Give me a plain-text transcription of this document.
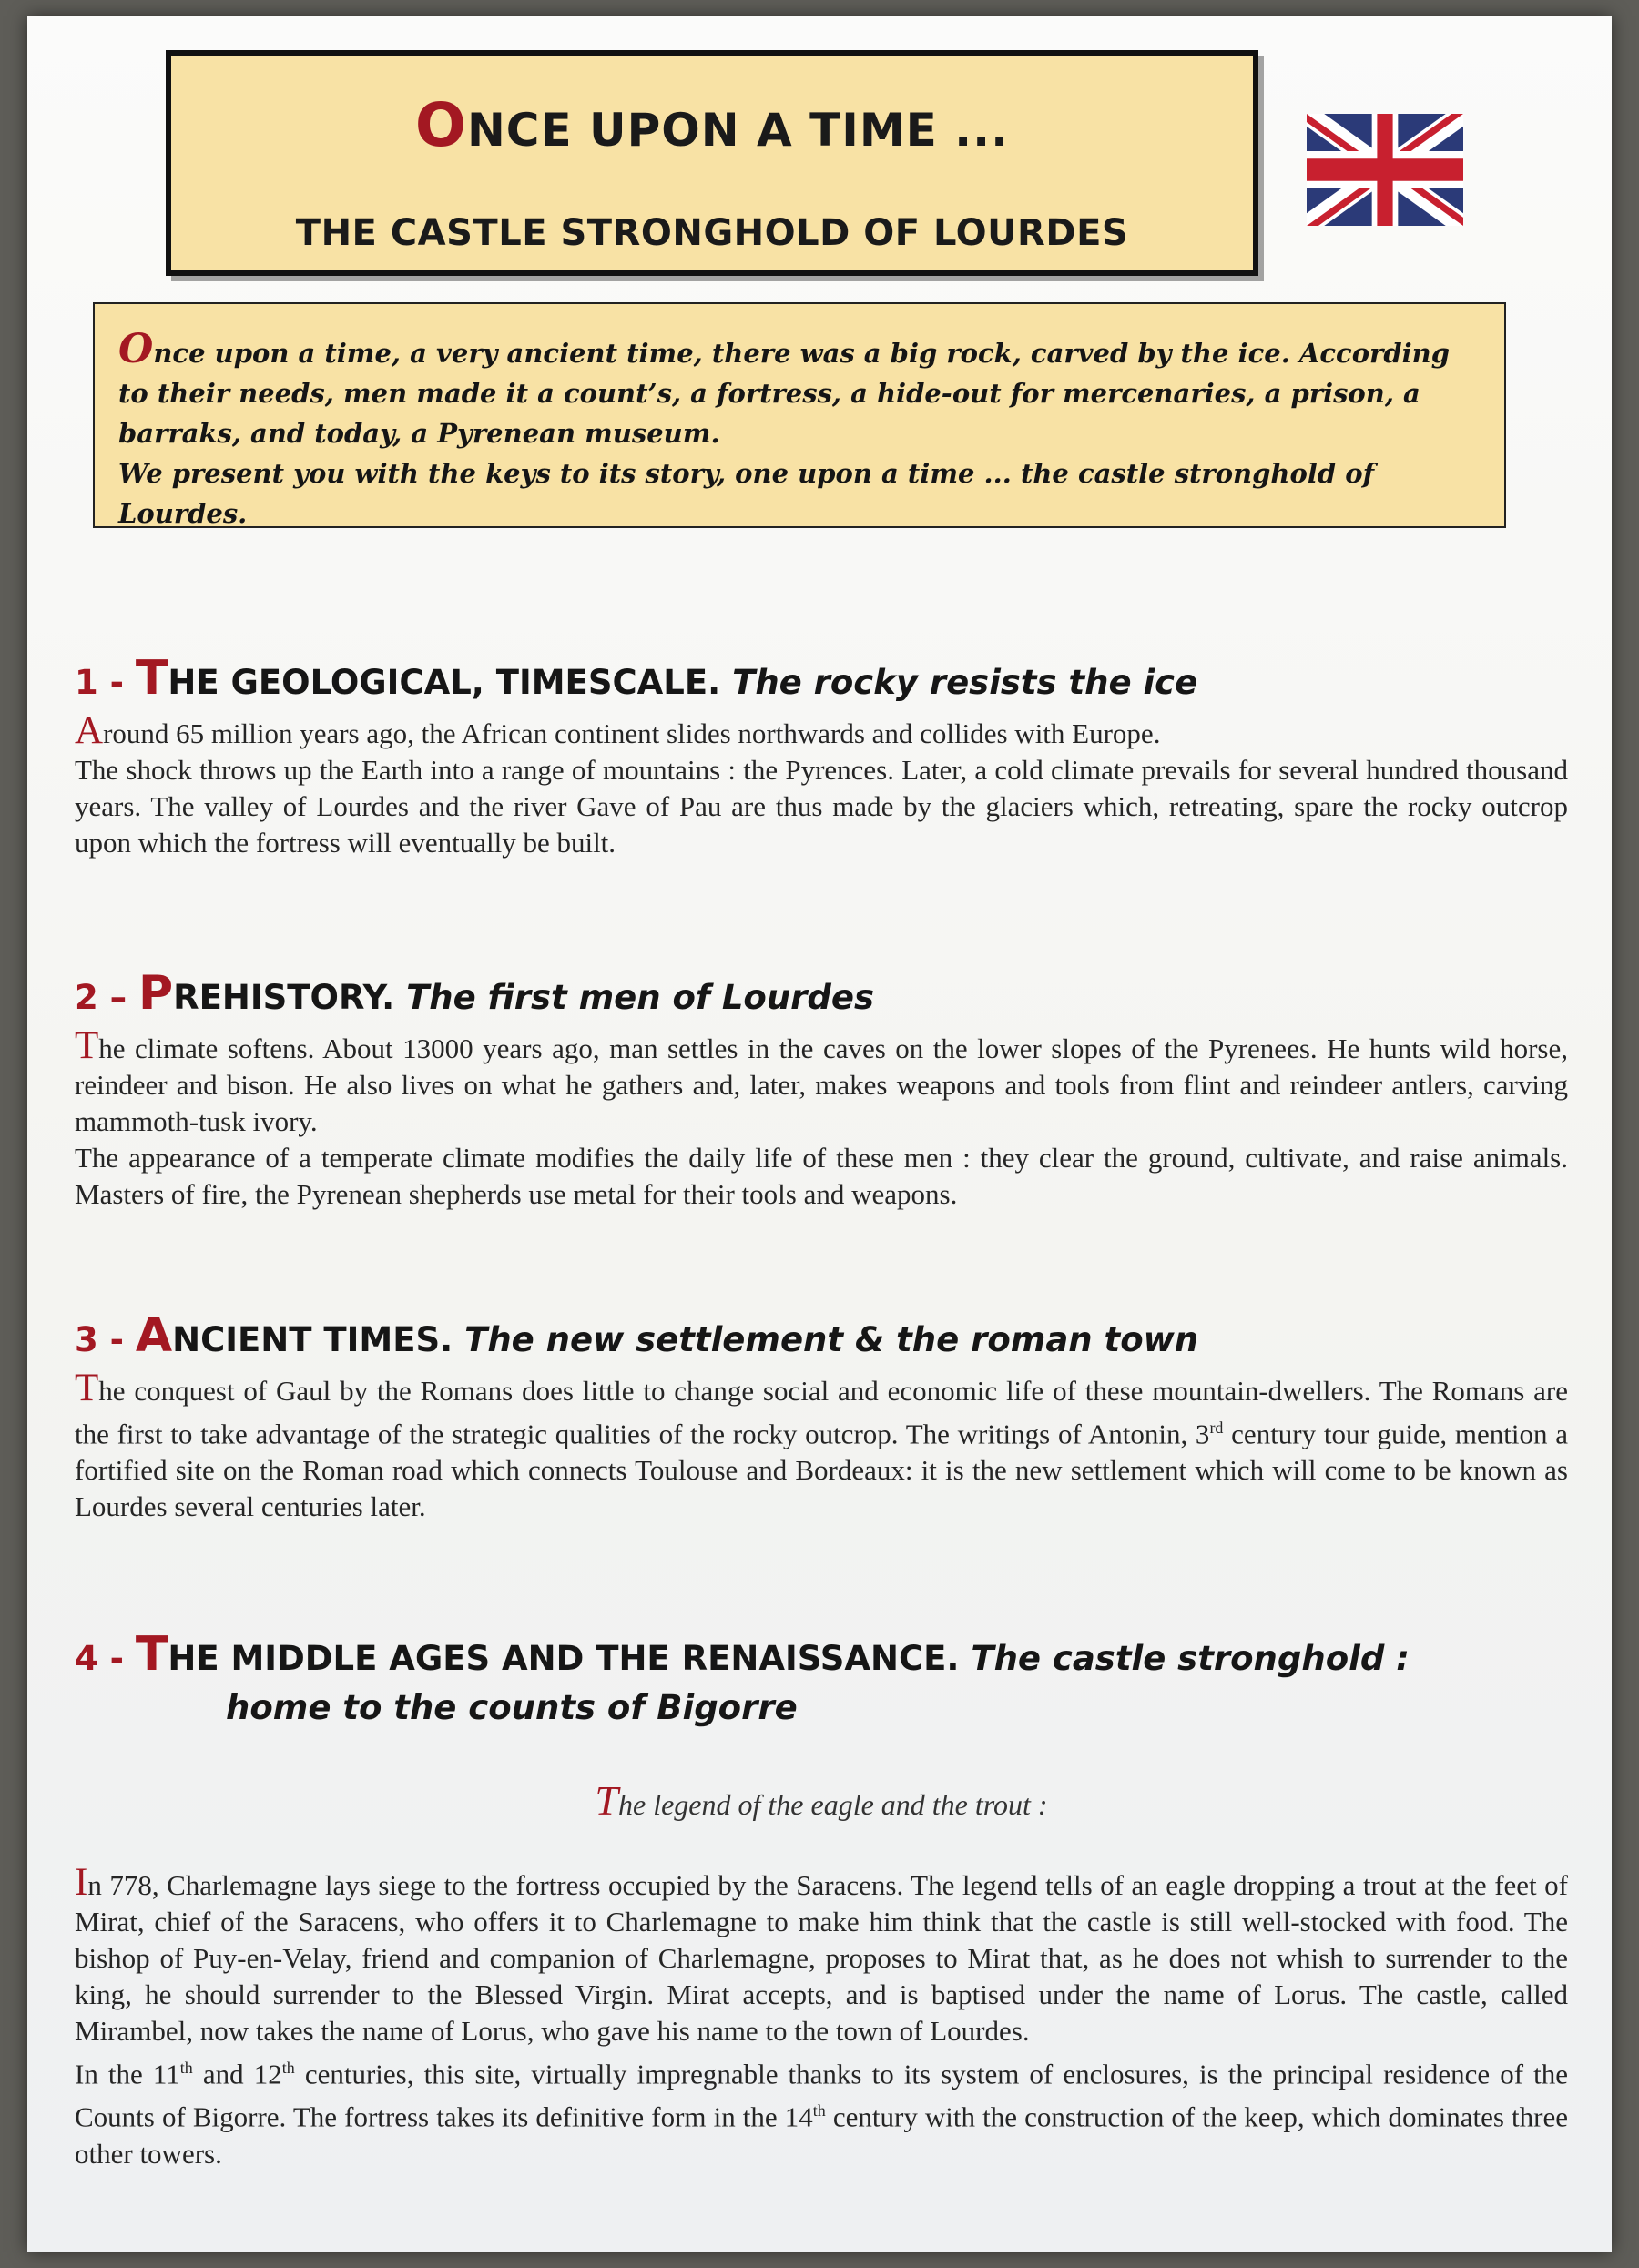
ONCE UPON A TIME ...
THE CASTLE STRONGHOLD OF LOURDES

Once upon a time, a very ancient time, there was a big rock, carved by the ice. According to their needs, men made it a count’s, a fortress, a hide-out for mercenaries, a prison, a barraks, and today, a Pyrenean museum.

We present you with the keys to its story, one upon a time ... the castle stronghold of Lourdes.

1 - THE GEOLOGICAL, TIMESCALE. The rocky resists the ice

Around 65 million years ago, the African continent slides northwards and collides with Europe.

The shock throws up the Earth into a range of mountains : the Pyrences. Later, a cold climate prevails for several hundred thousand years. The valley of Lourdes and the river Gave of Pau are thus made by the glaciers which, retreating, spare the rocky outcrop upon which the fortress will eventually be built.

2 – PREHISTORY. The first men of Lourdes

The climate softens. About 13000 years ago, man settles in the caves on the lower slopes of the Pyrenees. He hunts wild horse, reindeer and bison. He also lives on what he gathers and, later, makes weapons and tools from flint and reindeer antlers, carving mammoth-tusk ivory.

The appearance of a temperate climate modifies the daily life of these men : they clear the ground, cultivate, and raise animals. Masters of fire, the Pyrenean shepherds use metal for their tools and weapons.

3 - ANCIENT TIMES. The new settlement & the roman town

The conquest of Gaul by the Romans does little to change social and economic life of these mountain-dwellers. The Romans are the first to take advantage of the strategic qualities of the rocky outcrop. The writings of Antonin, 3rd century tour guide, mention a fortified site on the Roman road which connects Toulouse and Bordeaux: it is the new settlement which will come to be known as Lourdes several centuries later.

4 - THE MIDDLE AGES AND THE RENAISSANCE. The castle stronghold :
home to the counts of Bigorre
The legend of the eagle and the trout :

In 778, Charlemagne lays siege to the fortress occupied by the Saracens. The legend tells of an eagle dropping a trout at the feet of Mirat, chief of the Saracens, who offers it to Charlemagne to make him think that the castle is still well-stocked with food. The bishop of Puy-en-Velay, friend and companion of Charlemagne, proposes to Mirat that, as he does not whish to surrender to the king, he should surrender to the Blessed Virgin. Mirat accepts, and is baptised under the name of Lorus. The castle, called Mirambel, now takes the name of Lorus, who gave his name to the town of Lourdes.

In the 11th and 12th centuries, this site, virtually impregnable thanks to its system of enclosures, is the principal residence of the Counts of Bigorre. The fortress takes its definitive form in the 14th century with the construction of the keep, which dominates three other towers.
